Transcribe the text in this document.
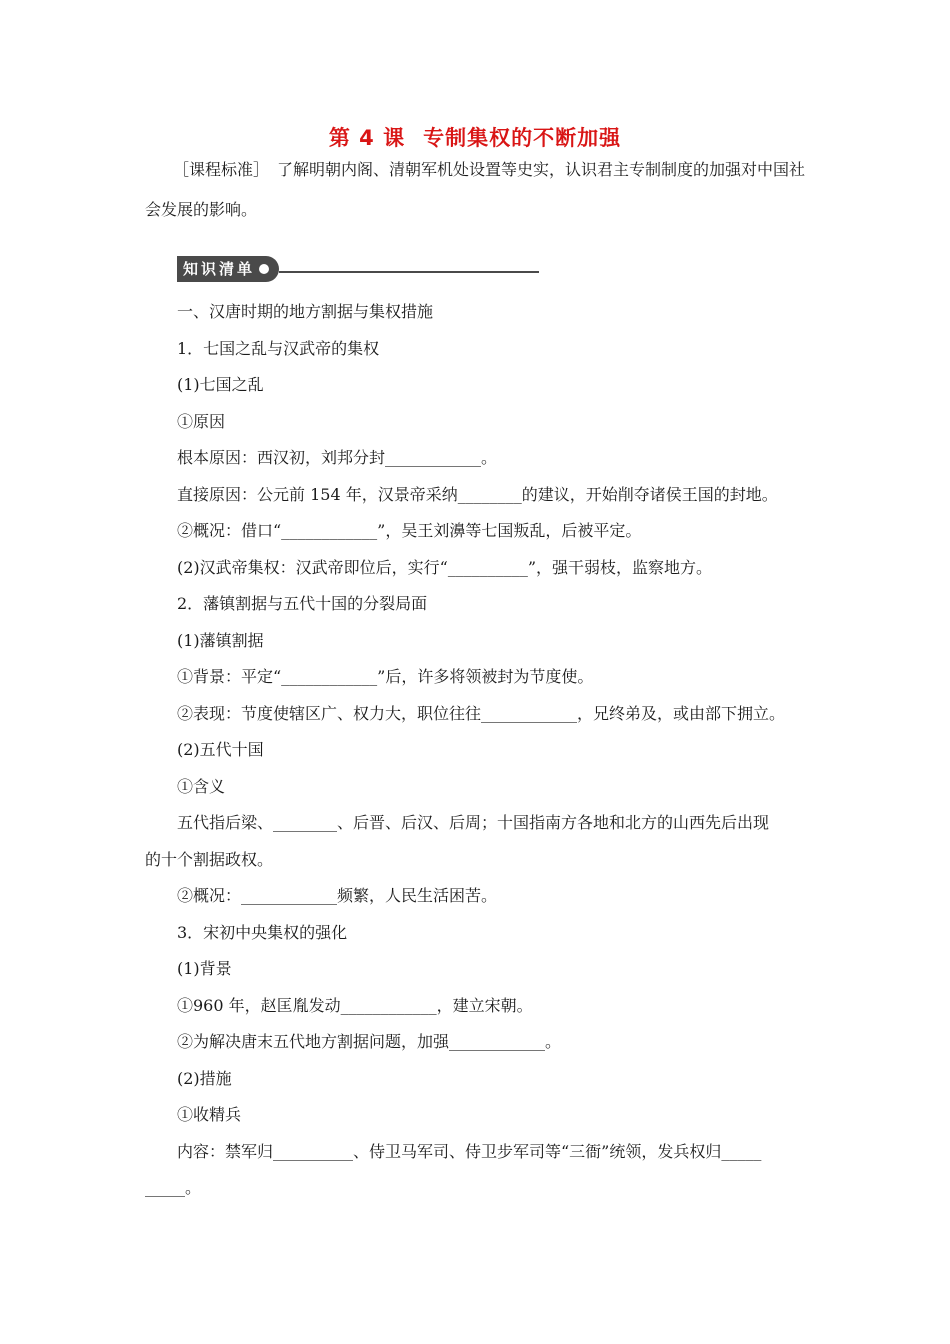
第 4 课 专制集权的不断加强
［课程标准］ 了解明朝内阁、清朝军机处设置等史实，认识君主专制制度的加强对中国社会发展的影响。
知识清单

一、汉唐时期的地方割据与集权措施

1．七国之乱与汉武帝的集权

(1)七国之乱

①原因

根本原因：西汉初，刘邦分封____________。

直接原因：公元前 154 年，汉景帝采纳________的建议，开始削夺诸侯王国的封地。

②概况：借口“____________”，吴王刘濞等七国叛乱，后被平定。

(2)汉武帝集权：汉武帝即位后，实行“__________”，强干弱枝，监察地方。

2．藩镇割据与五代十国的分裂局面

(1)藩镇割据

①背景：平定“____________”后，许多将领被封为节度使。

②表现：节度使辖区广、权力大，职位往往____________，兄终弟及，或由部下拥立。

(2)五代十国

①含义

五代指后梁、________、后晋、后汉、后周；十国指南方各地和北方的山西先后出现

的十个割据政权。

②概况：____________频繁，人民生活困苦。

3．宋初中央集权的强化

(1)背景

①960 年，赵匡胤发动____________，建立宋朝。

②为解决唐末五代地方割据问题，加强____________。

(2)措施

①收精兵

内容：禁军归__________、侍卫马军司、侍卫步军司等“三衙”统领，发兵权归_____

_____。
